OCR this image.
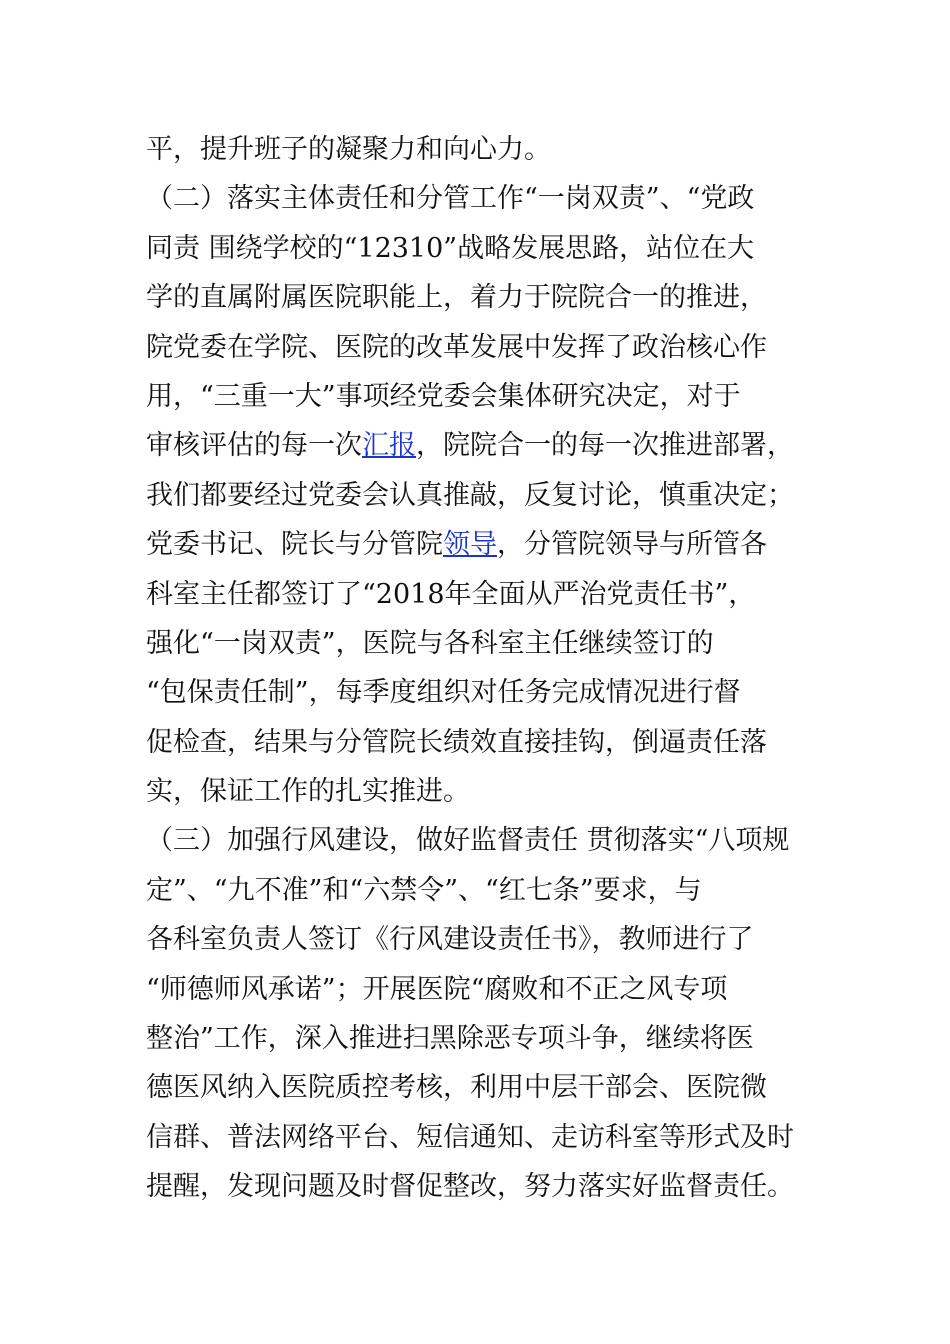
平，提升班子的凝聚力和向心力。
（二）落实主体责任和分管工作“一岗双责”、“党政
同责 围绕学校的“12310”战略发展思路，站位在大
学的直属附属医院职能上，着力于院院合一的推进，
院党委在学院、医院的改革发展中发挥了政治核心作
用，“三重一大”事项经党委会集体研究决定，对于
审核评估的每一次汇报，院院合一的每一次推进部署，
我们都要经过党委会认真推敲，反复讨论，慎重决定；
党委书记、院长与分管院领导，分管院领导与所管各
科室主任都签订了“2018年全面从严治党责任书”，
强化“一岗双责”，医院与各科室主任继续签订的
“包保责任制”，每季度组织对任务完成情况进行督
促检查，结果与分管院长绩效直接挂钩，倒逼责任落
实，保证工作的扎实推进。
（三）加强行风建设，做好监督责任 贯彻落实“八项规
定”、“九不准”和“六禁令”、“红七条”要求，与
各科室负责人签订《行风建设责任书》，教师进行了
“师德师风承诺”；开展医院“腐败和不正之风专项
整治”工作，深入推进扫黑除恶专项斗争，继续将医
德医风纳入医院质控考核，利用中层干部会、医院微
信群、普法网络平台、短信通知、走访科室等形式及时
提醒，发现问题及时督促整改，努力落实好监督责任。
